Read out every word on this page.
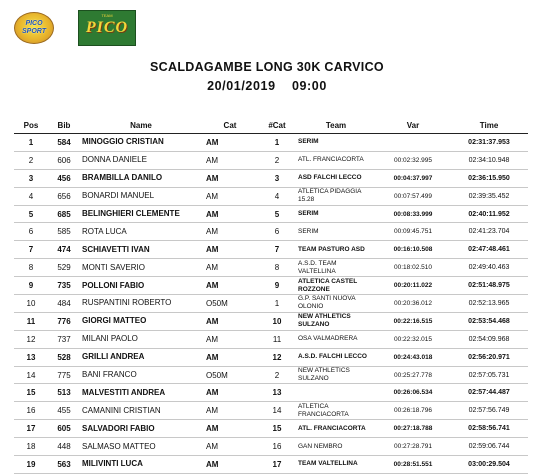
PICO
SPORT
TEAM
PICO
SCALDAGAMBE LONG 30K CARVICO
20/01/2019 09:00
Pos	Bib	Name	Cat	#Cat	Team	Var	Time
1	584	MINOGGIO CRISTIAN	AM	1	SERIM		02:31:37.953
2	606	DONNA DANIELE	AM	2	ATL. FRANCIACORTA	00:02:32.995	02:34:10.948
3	456	BRAMBILLA DANILO	AM	3	ASD FALCHI LECCO	00:04:37.997	02:36:15.950
4	656	BONARDI MANUEL	AM	4	ATLETICA PIDAGGIA 15.28	00:07:57.499	02:39:35.452
5	685	BELINGHIERI CLEMENTE	AM	5	SERIM	00:08:33.999	02:40:11.952
6	585	ROTA LUCA	AM	6	SERIM	00:09:45.751	02:41:23.704
7	474	SCHIAVETTI IVAN	AM	7	TEAM PASTURO ASD	00:16:10.508	02:47:48.461
8	529	MONTI SAVERIO	AM	8	A.S.D. TEAM VALTELLINA	00:18:02.510	02:49:40.463
9	735	POLLONI FABIO	AM	9	ATLETICA CASTEL ROZZONE	00:20:11.022	02:51:48.975
10	484	RUSPANTINI ROBERTO	O50M	1	G.P. SANTI NUOVA OLONIO	00:20:36.012	02:52:13.965
11	776	GIORGI MATTEO	AM	10	NEW ATHLETICS SULZANO	00:22:16.515	02:53:54.468
12	737	MILANI PAOLO	AM	11	OSA VALMADRERA	00:22:32.015	02:54:09.968
13	528	GRILLI ANDREA	AM	12	A.S.D. FALCHI LECCO	00:24:43.018	02:56:20.971
14	775	BANI FRANCO	O50M	2	NEW ATHLETICS SULZANO	00:25:27.778	02:57:05.731
15	513	MALVESTITI ANDREA	AM	13		00:26:06.534	02:57:44.487
16	455	CAMANINI CRISTIAN	AM	14	ATLETICA FRANCIACORTA	00:26:18.796	02:57:56.749
17	605	SALVADORI FABIO	AM	15	ATL. FRANCIACORTA	00:27:18.788	02:58:56.741
18	448	SALMASO MATTEO	AM	16	GAN NEMBRO	00:27:28.791	02:59:06.744
19	563	MILIVINTI LUCA	AM	17	TEAM VALTELLINA	00:28:51.551	03:00:29.504
